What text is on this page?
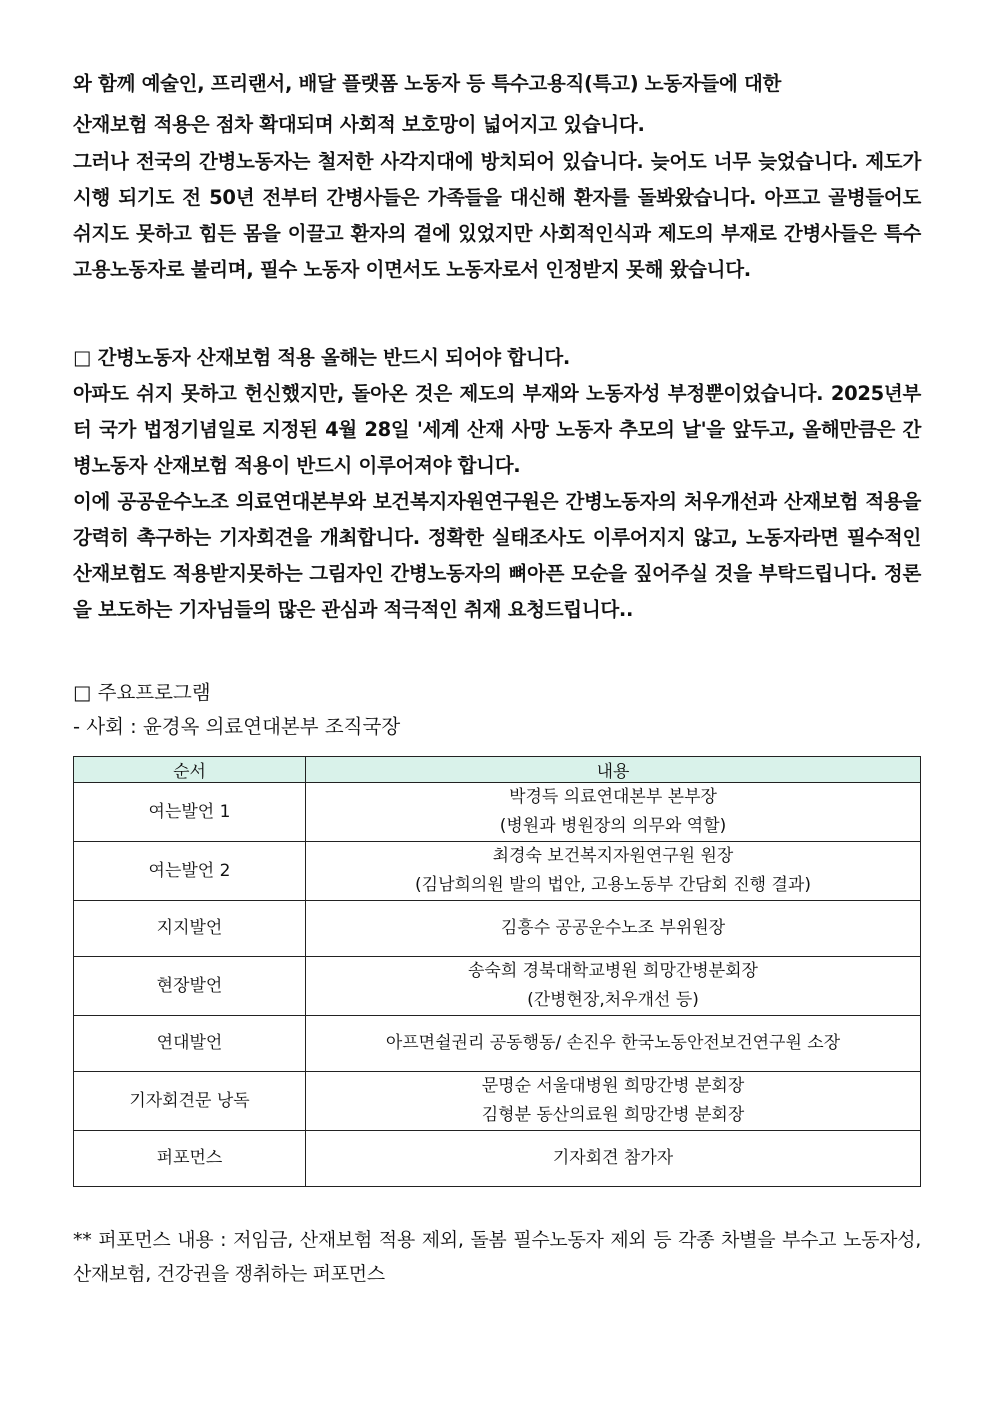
와 함께 예술인, 프리랜서, 배달 플랫폼 노동자 등 특수고용직(특고) 노동자들에 대한

산재보험 적용은 점차 확대되며 사회적 보호망이 넓어지고 있습니다.

그러나 전국의 간병노동자는 철저한 사각지대에 방치되어 있습니다. 늦어도 너무 늦었습니다. 제도가 시행 되기도 전 50년 전부터 간병사들은 가족들을 대신해 환자를 돌봐왔습니다. 아프고 골병들어도 쉬지도 못하고 힘든 몸을 이끌고 환자의 곁에 있었지만 사회적인식과 제도의 부재로 간병사들은 특수고용노동자로 불리며, 필수 노동자 이면서도 노동자로서 인정받지 못해 왔습니다.

□ 간병노동자 산재보험 적용 올해는 반드시 되어야 합니다.

아파도 쉬지 못하고 헌신했지만, 돌아온 것은 제도의 부재와 노동자성 부정뿐이었습니다. 2025년부터 국가 법정기념일로 지정된 4월 28일 '세계 산재 사망 노동자 추모의 날'을 앞두고, 올해만큼은 간병노동자 산재보험 적용이 반드시 이루어져야 합니다.

이에 공공운수노조 의료연대본부와 보건복지자원연구원은 간병노동자의 처우개선과 산재보험 적용을 강력히 촉구하는 기자회견을 개최합니다. 정확한 실태조사도 이루어지지 않고, 노동자라면 필수적인 산재보험도 적용받지못하는 그림자인 간병노동자의 뼈아픈 모순을 짚어주실 것을 부탁드립니다. 정론을 보도하는 기자님들의 많은 관심과 적극적인 취재 요청드립니다..

□ 주요프로그램

- 사회 : 윤경옥 의료연대본부 조직국장

순서	내용
여는발언 1	박경득 의료연대본부 본부장
(병원과 병원장의 의무와 역할)

여는발언 2	최경숙 보건복지자원연구원 원장
(김남희의원 발의 법안, 고용노동부 간담회 진행 결과)

지지발언	김흥수 공공운수노조 부위원장

현장발언	송숙희 경북대학교병원 희망간병분회장
(간병현장,처우개선 등)

연대발언	아프면쉴권리 공동행동/ 손진우 한국노동안전보건연구원 소장

기자회견문 낭독	문명순 서울대병원 희망간병 분회장
김형분 동산의료원 희망간병 분회장

퍼포먼스	기자회견 참가자

** 퍼포먼스 내용 : 저임금, 산재보험 적용 제외, 돌봄 필수노동자 제외 등 각종 차별을 부수고 노동자성, 산재보험, 건강권을 쟁취하는 퍼포먼스
